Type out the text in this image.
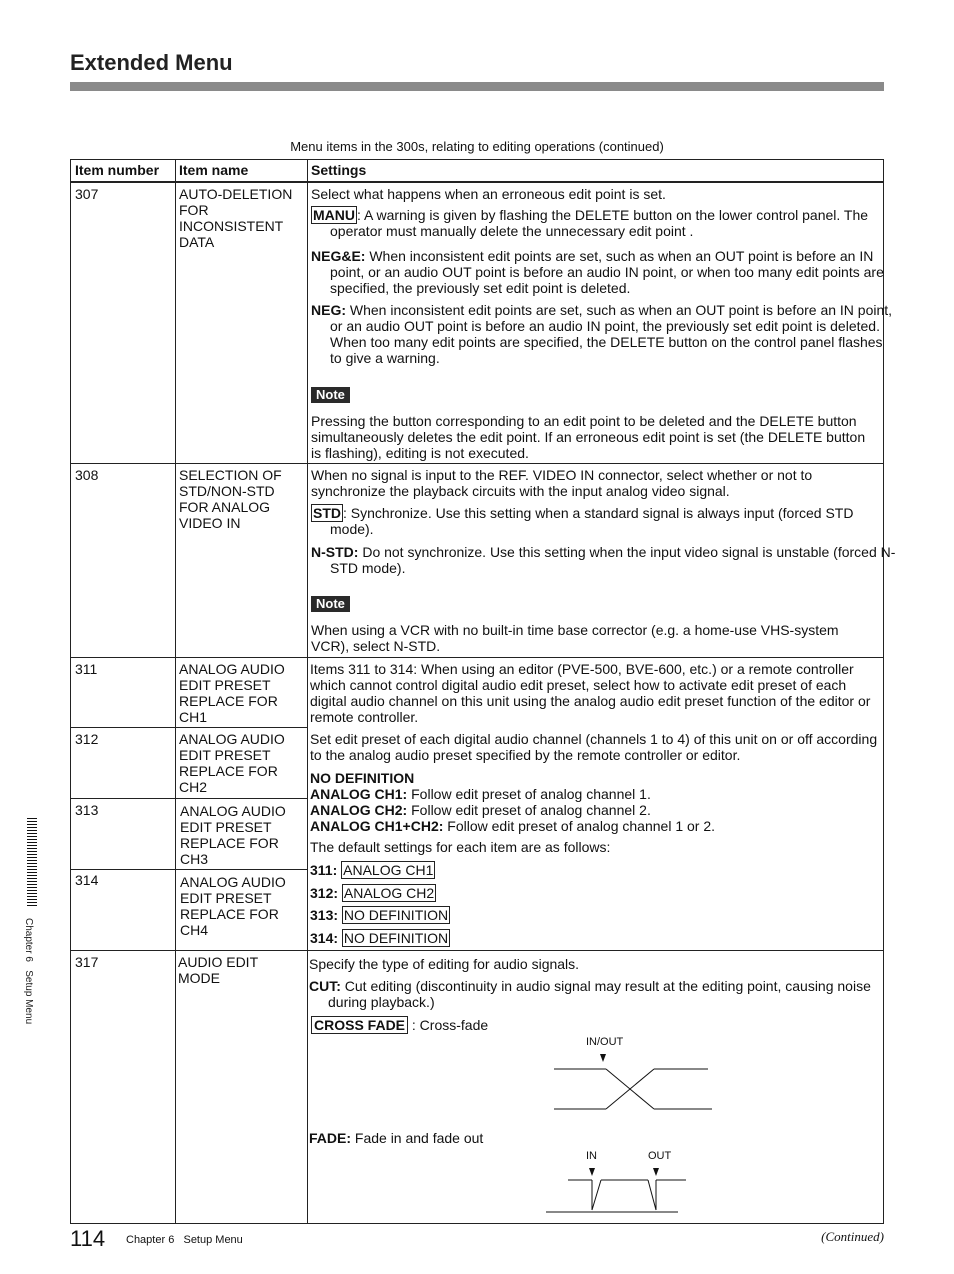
Extended Menu
Menu items in the 300s, relating to editing operations (continued)
Item number Item name	Settings
307	AUTO-DELETION FOR INCONSISTENT DATA
Select what happens when an erroneous edit point is set.
MANU : A warning is given by flashing the DELETE button on the lower control panel. The operator must manually delete the unnecessary edit point .
NEG&E: When inconsistent edit points are set, such as when an OUT point is before an IN point, or an audio OUT point is before an audio IN point, or when too many edit points are specified, the previously set edit point is deleted.
NEG: When inconsistent edit points are set, such as when an OUT point is before an IN point, or an audio OUT point is before an audio IN point, the previously set edit point is deleted. When too many edit points are specified, the DELETE button on the control panel flashes to give a warning.
Note
Pressing the button corresponding to an edit point to be deleted and the DELETE button simultaneously deletes the edit point. If an erroneous edit point is set (the DELETE button is flashing), editing is not executed.
308	SELECTION OF STD/NON-STD FOR ANALOG VIDEO IN
When no signal is input to the REF. VIDEO IN connector, select whether or not to synchronize the playback circuits with the input analog video signal.
STD : Synchronize. Use this setting when a standard signal is always input (forced STD mode).
N-STD: Do not synchronize. Use this setting when the input video signal is unstable (forced N-STD mode).
Note
When using a VCR with no built-in time base corrector (e.g. a home-use VHS-system VCR), select N-STD.
311	ANALOG AUDIO EDIT PRESET REPLACE FOR CH1
312	ANALOG AUDIO EDIT PRESET REPLACE FOR CH2
313	ANALOG AUDIO EDIT PRESET REPLACE FOR CH3
314	ANALOG AUDIO EDIT PRESET REPLACE FOR CH4
Items 311 to 314: When using an editor (PVE-500, BVE-600, etc.) or a remote controller which cannot control digital audio edit preset, select how to activate edit preset of each digital audio channel on this unit using the analog audio edit preset function of the editor or remote controller.
Set edit preset of each digital audio channel (channels 1 to 4) of this unit on or off according to the analog audio preset specified by the remote controller or editor.
NO DEFINITION
ANALOG CH1: Follow edit preset of analog channel 1.
ANALOG CH2: Follow edit preset of analog channel 2.
ANALOG CH1+CH2: Follow edit preset of analog channel 1 or 2.
The default settings for each item are as follows:
311: ANALOG CH1
312: ANALOG CH2
313: NO DEFINITION
314: NO DEFINITION
317	AUDIO EDIT MODE
Specify the type of editing for audio signals.
CUT: Cut editing (discontinuity in audio signal may result at the editing point, causing noise during playback.)
CROSS FADE : Cross-fade
IN/OUT
FADE: Fade in and fade out
IN	OUT
Chapter 6   Setup Menu
114 Chapter 6   Setup Menu	(Continued)
